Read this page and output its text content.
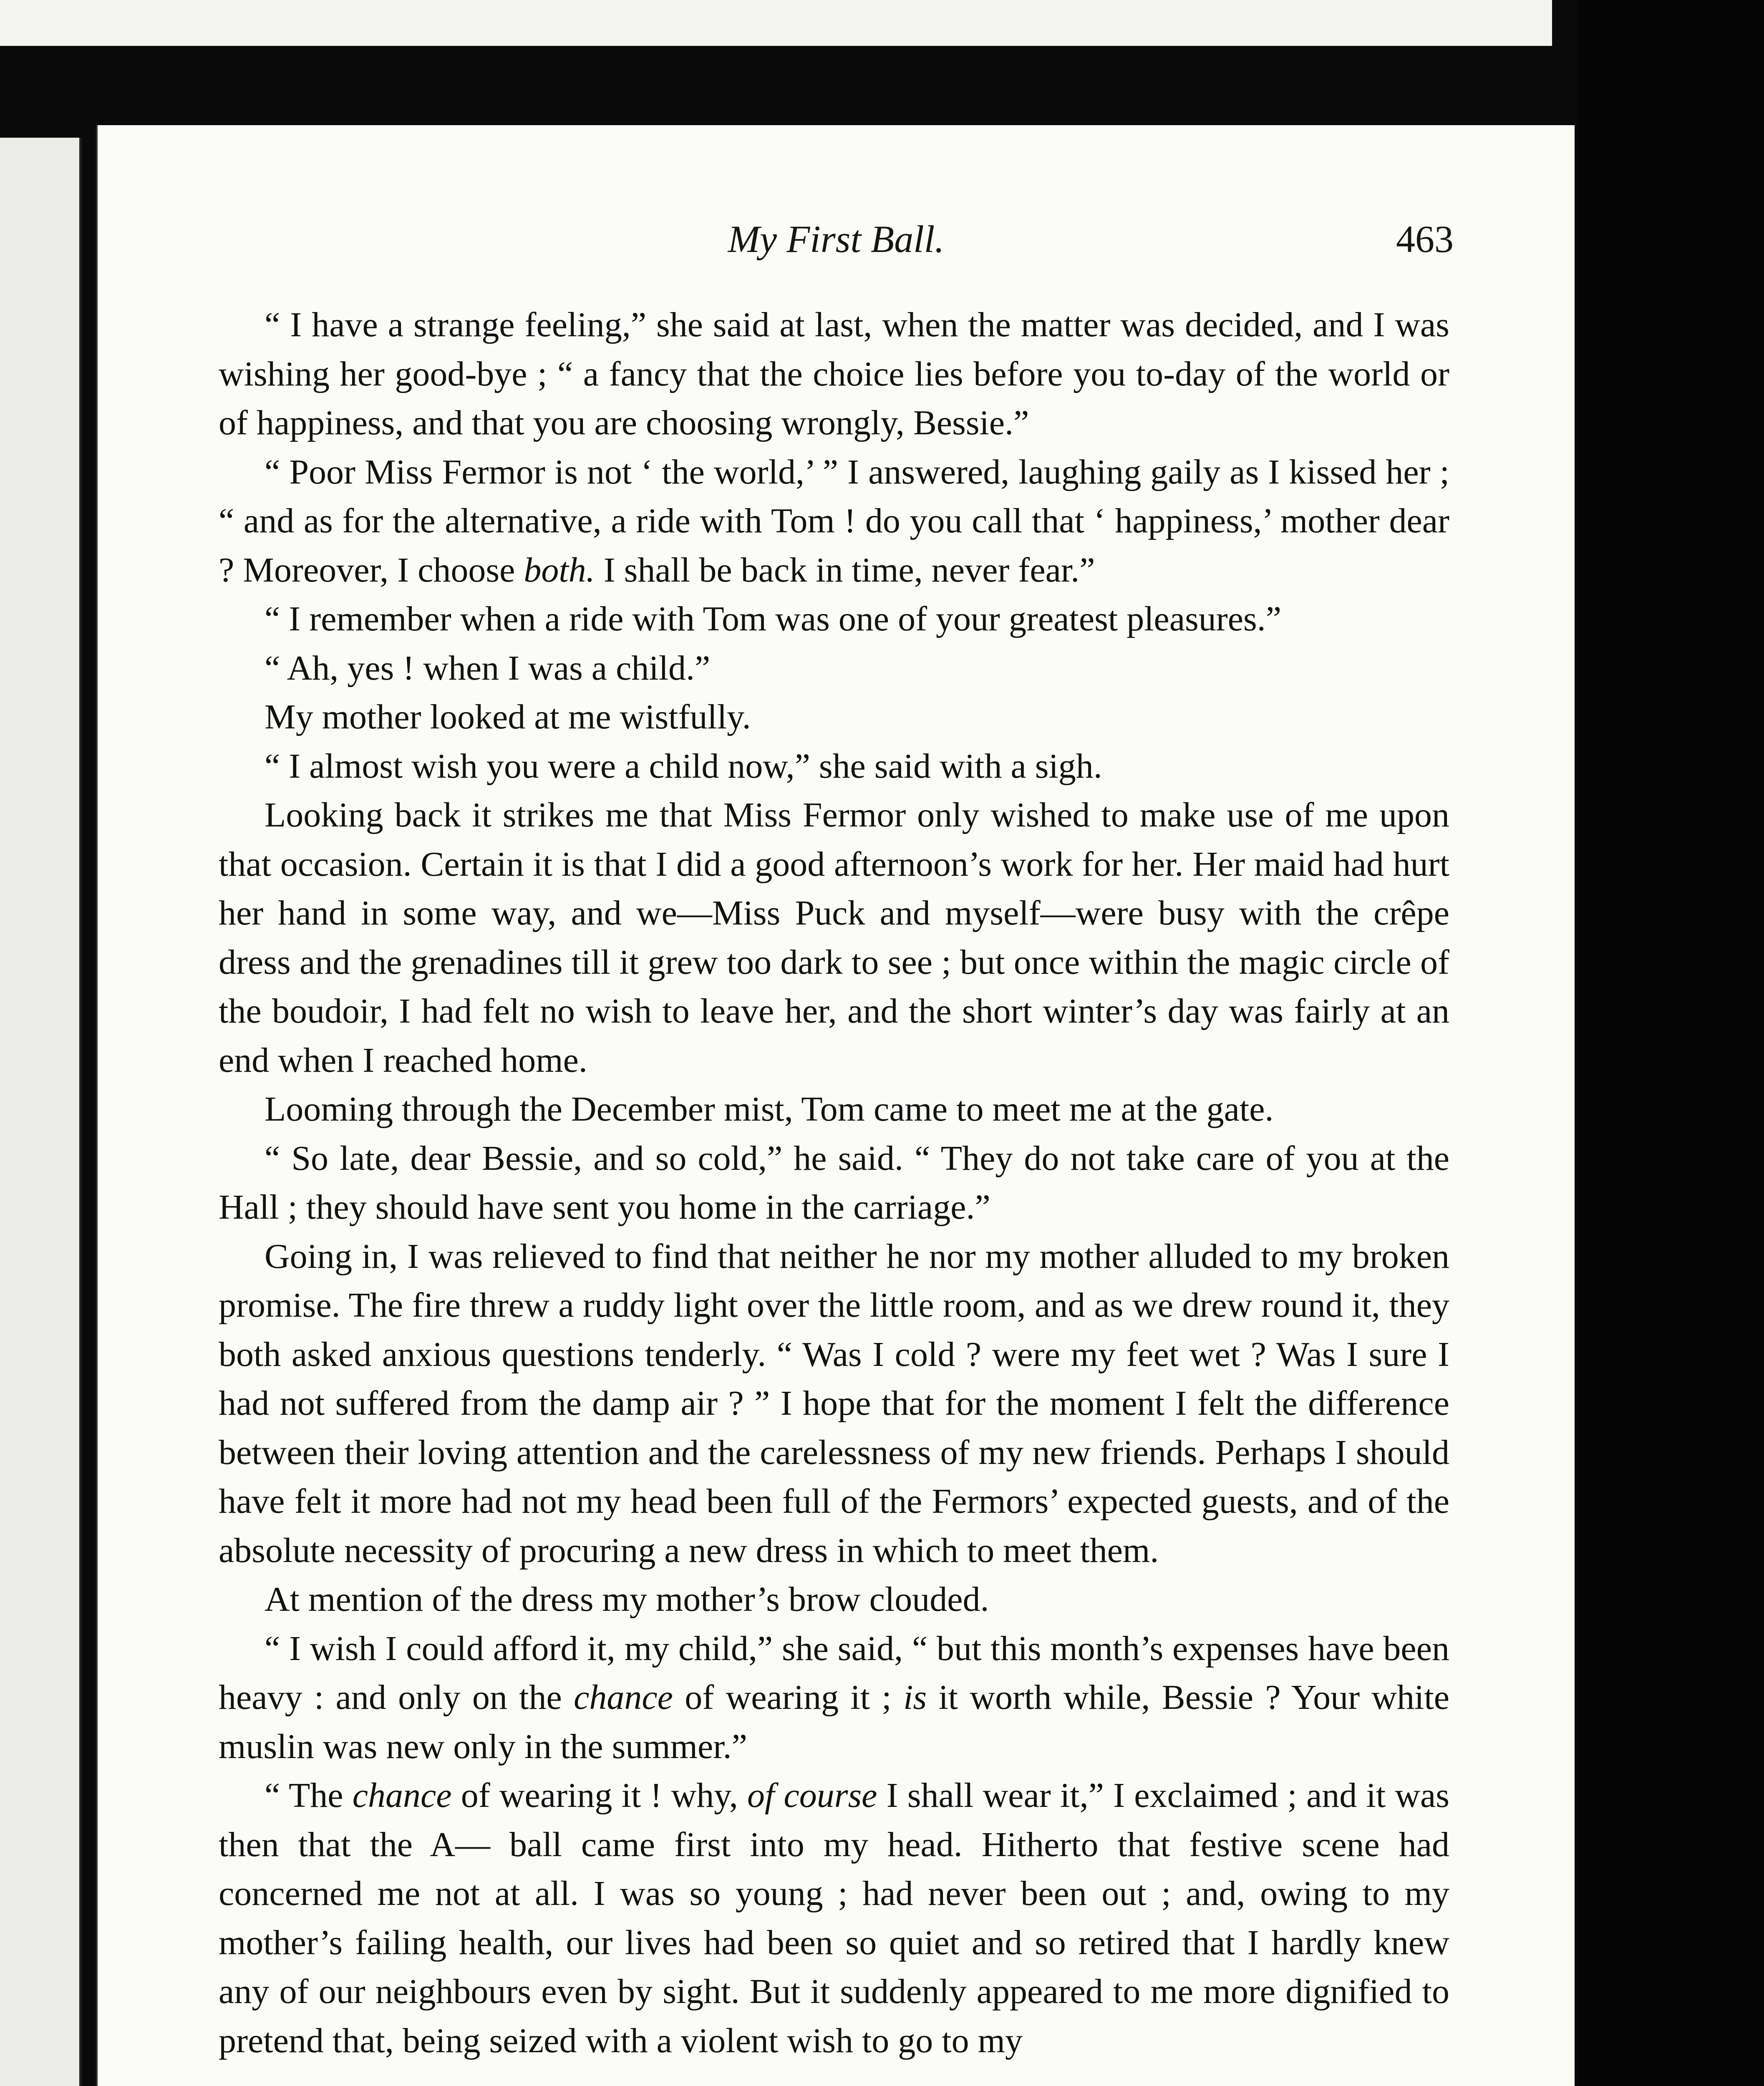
My First Ball.	463

“ I have a strange feeling,” she said at last, when the matter was decided, and I was wishing her good-bye ; “ a fancy that the choice lies before you to-day of the world or of happiness, and that you are choosing wrongly, Bessie.”

“ Poor Miss Fermor is not ‘ the world,’ ” I answered, laughing gaily as I kissed her ; “ and as for the alternative, a ride with Tom ! do you call that ‘ happiness,’ mother dear ? Moreover, I choose both. I shall be back in time, never fear.”

“ I remember when a ride with Tom was one of your greatest pleasures.”

“ Ah, yes ! when I was a child.”

My mother looked at me wistfully.

“ I almost wish you were a child now,” she said with a sigh.

Looking back it strikes me that Miss Fermor only wished to make use of me upon that occasion. Certain it is that I did a good afternoon’s work for her. Her maid had hurt her hand in some way, and we—Miss Puck and myself—were busy with the crêpe dress and the grenadines till it grew too dark to see ; but once within the magic circle of the boudoir, I had felt no wish to leave her, and the short winter’s day was fairly at an end when I reached home.

Looming through the December mist, Tom came to meet me at the gate.

“ So late, dear Bessie, and so cold,” he said. “ They do not take care of you at the Hall ; they should have sent you home in the carriage.”

Going in, I was relieved to find that neither he nor my mother alluded to my broken promise. The fire threw a ruddy light over the little room, and as we drew round it, they both asked anxious questions tenderly. “ Was I cold ? were my feet wet ? Was I sure I had not suffered from the damp air ? ” I hope that for the moment I felt the difference between their loving attention and the carelessness of my new friends. Perhaps I should have felt it more had not my head been full of the Fermors’ expected guests, and of the absolute necessity of procuring a new dress in which to meet them.

At mention of the dress my mother’s brow clouded.

“ I wish I could afford it, my child,” she said, “ but this month’s expenses have been heavy : and only on the chance of wearing it ; is it worth while, Bessie ? Your white muslin was new only in the summer.”

“ The chance of wearing it ! why, of course I shall wear it,” I exclaimed ; and it was then that the A— ball came first into my head. Hitherto that festive scene had concerned me not at all. I was so young ; had never been out ; and, owing to my mother’s failing health, our lives had been so quiet and so retired that I hardly knew any of our neighbours even by sight. But it suddenly appeared to me more dignified to pretend that, being seized with a violent wish to go to my
